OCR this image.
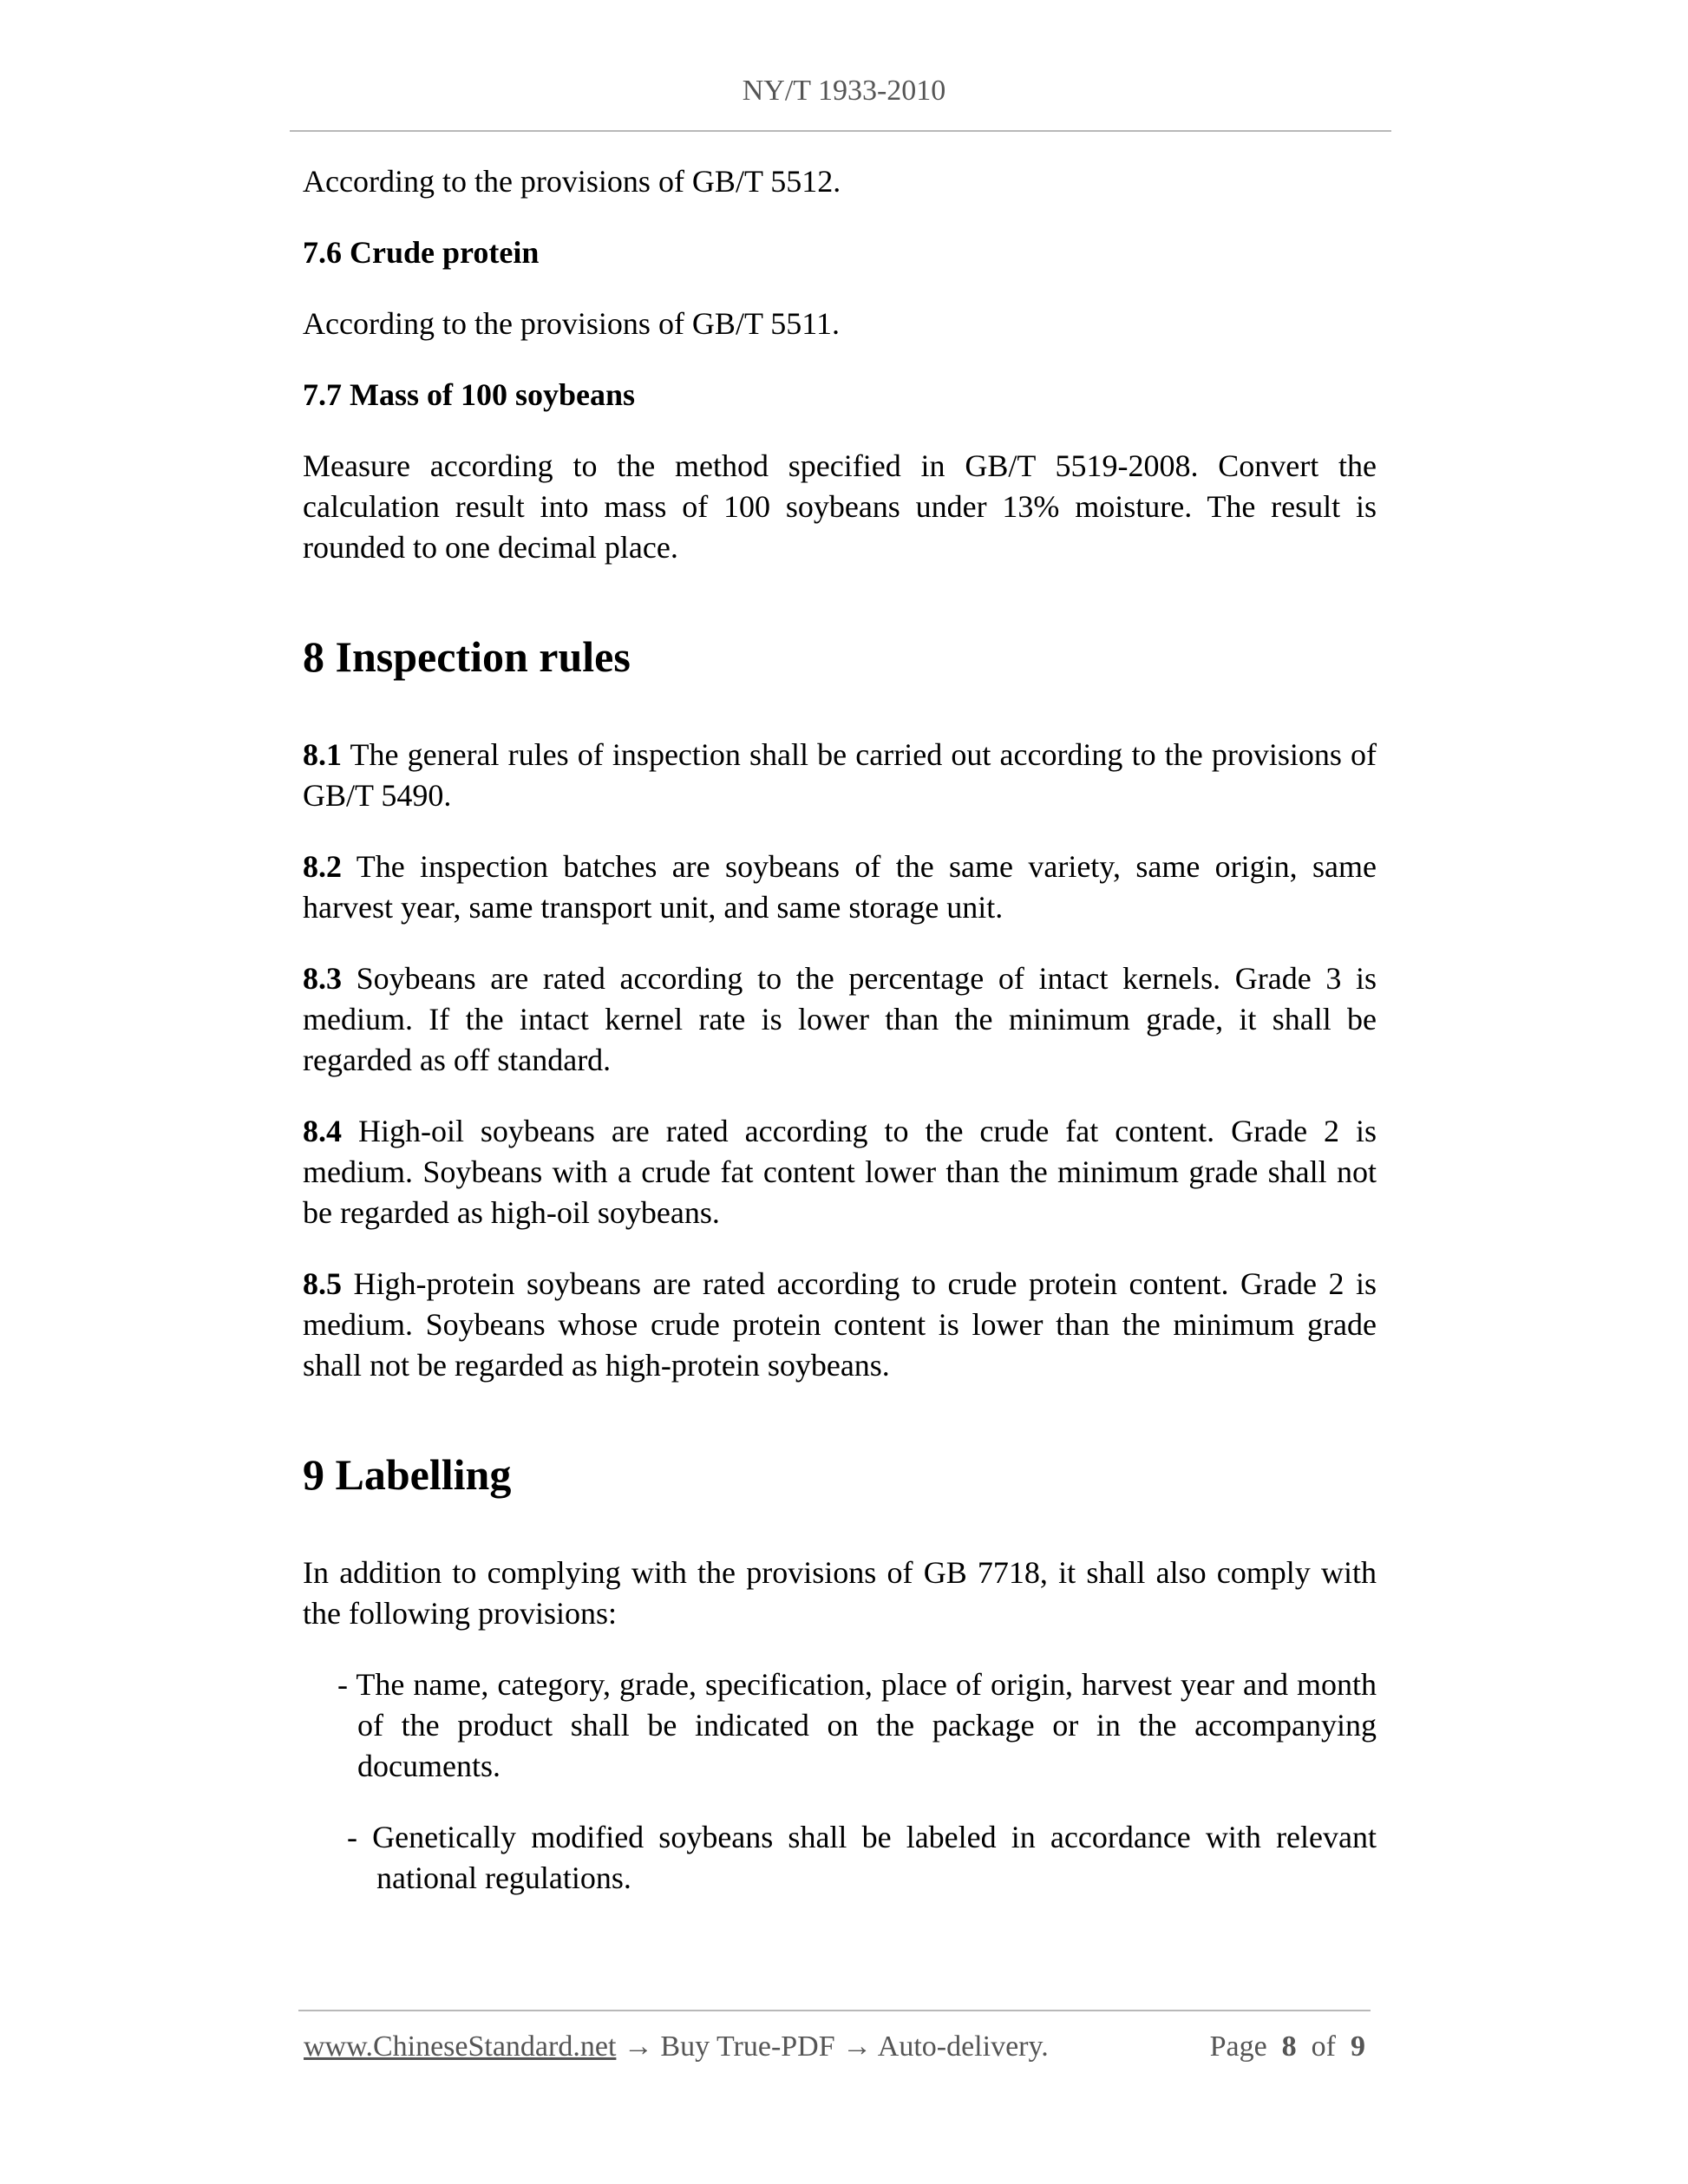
NY/T 1933-2010

According to the provisions of GB/T 5512.

7.6 Crude protein

According to the provisions of GB/T 5511.

7.7 Mass of 100 soybeans

Measure according to the method specified in GB/T 5519-2008. Convert the calculation result into mass of 100 soybeans under 13% moisture. The result is rounded to one decimal place.

8 Inspection rules

8.1 The general rules of inspection shall be carried out according to the provisions of GB/T 5490.

8.2 The inspection batches are soybeans of the same variety, same origin, same harvest year, same transport unit, and same storage unit.

8.3 Soybeans are rated according to the percentage of intact kernels. Grade 3 is medium. If the intact kernel rate is lower than the minimum grade, it shall be regarded as off standard.

8.4 High-oil soybeans are rated according to the crude fat content. Grade 2 is medium. Soybeans with a crude fat content lower than the minimum grade shall not be regarded as high-oil soybeans.

8.5 High-protein soybeans are rated according to crude protein content. Grade 2 is medium. Soybeans whose crude protein content is lower than the minimum grade shall not be regarded as high-protein soybeans.

9 Labelling

In addition to complying with the provisions of GB 7718, it shall also comply with the following provisions:

- The name, category, grade, specification, place of origin, harvest year and month of the product shall be indicated on the package or in the accompanying documents.

- Genetically modified soybeans shall be labeled in accordance with relevant national regulations.

www.ChineseStandard.net → Buy True-PDF → Auto-delivery.	Page 8 of 9
